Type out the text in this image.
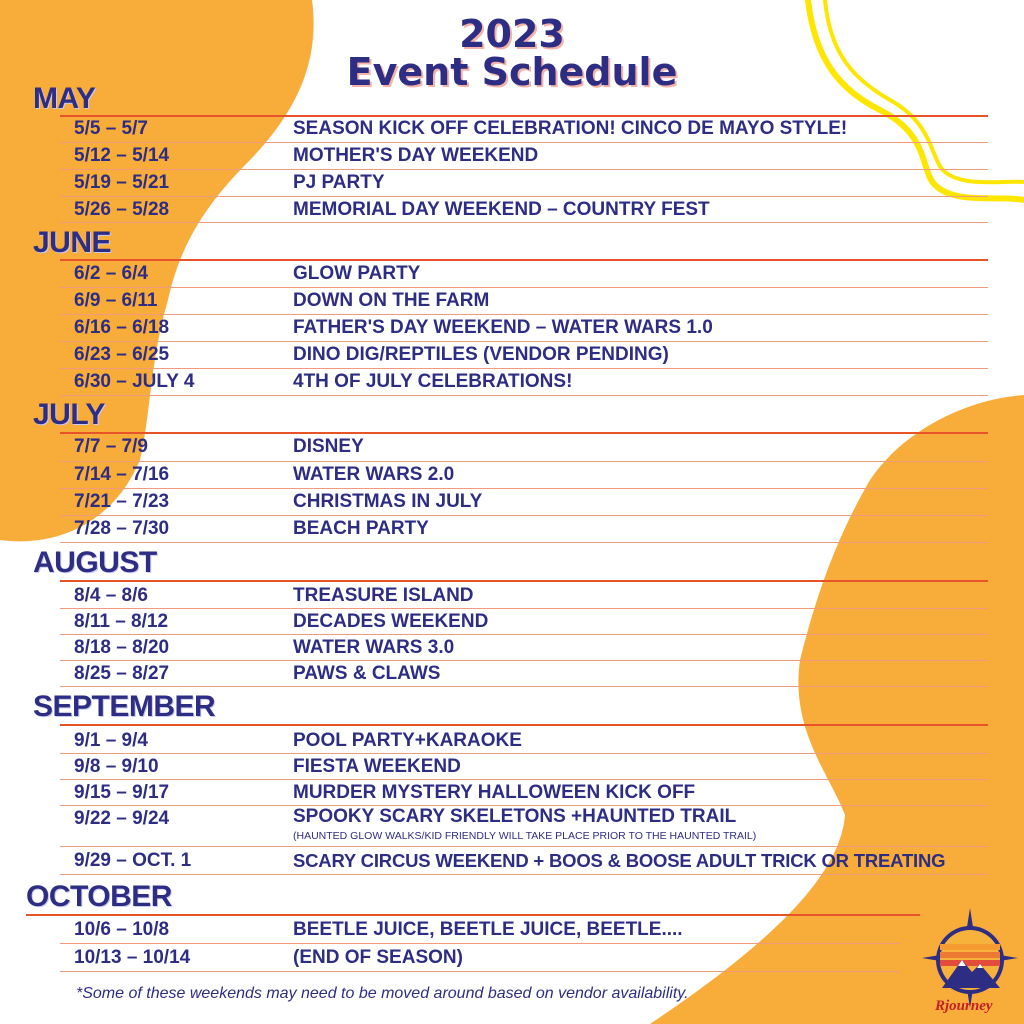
2023
Event Schedule
MAY
5/5 – 5/7	SEASON KICK OFF CELEBRATION! CINCO DE MAYO STYLE!
5/12 – 5/14	MOTHER'S DAY WEEKEND
5/19 – 5/21	PJ PARTY
5/26 – 5/28	MEMORIAL DAY WEEKEND – COUNTRY FEST
JUNE
6/2 – 6/4	GLOW PARTY
6/9 – 6/11	DOWN ON THE FARM
6/16 – 6/18	FATHER'S DAY WEEKEND – WATER WARS 1.0
6/23 – 6/25	DINO DIG/REPTILES (VENDOR PENDING)
6/30 – JULY 4	4TH OF JULY CELEBRATIONS!
JULY
7/7 – 7/9	DISNEY
7/14 – 7/16	WATER WARS 2.0
7/21 – 7/23	CHRISTMAS IN JULY
7/28 – 7/30	BEACH PARTY
AUGUST
8/4 – 8/6	TREASURE ISLAND
8/11 – 8/12	DECADES WEEKEND
8/18 – 8/20	WATER WARS 3.0
8/25 – 8/27	PAWS & CLAWS
SEPTEMBER
9/1 – 9/4	POOL PARTY+KARAOKE
9/8 – 9/10	FIESTA WEEKEND
9/15 – 9/17	MURDER MYSTERY HALLOWEEN KICK OFF
9/22 – 9/24	SPOOKY SCARY SKELETONS +HAUNTED TRAIL
(HAUNTED GLOW WALKS/KID FRIENDLY WILL TAKE PLACE PRIOR TO THE HAUNTED TRAIL)
9/29 – OCT. 1	SCARY CIRCUS WEEKEND + BOOS & BOOSE ADULT TRICK OR TREATING
OCTOBER
10/6 – 10/8	BEETLE JUICE, BEETLE JUICE, BEETLE....
10/13 – 10/14	(END OF SEASON)
*Some of these weekends may need to be moved around based on vendor availability.
Rjourney
